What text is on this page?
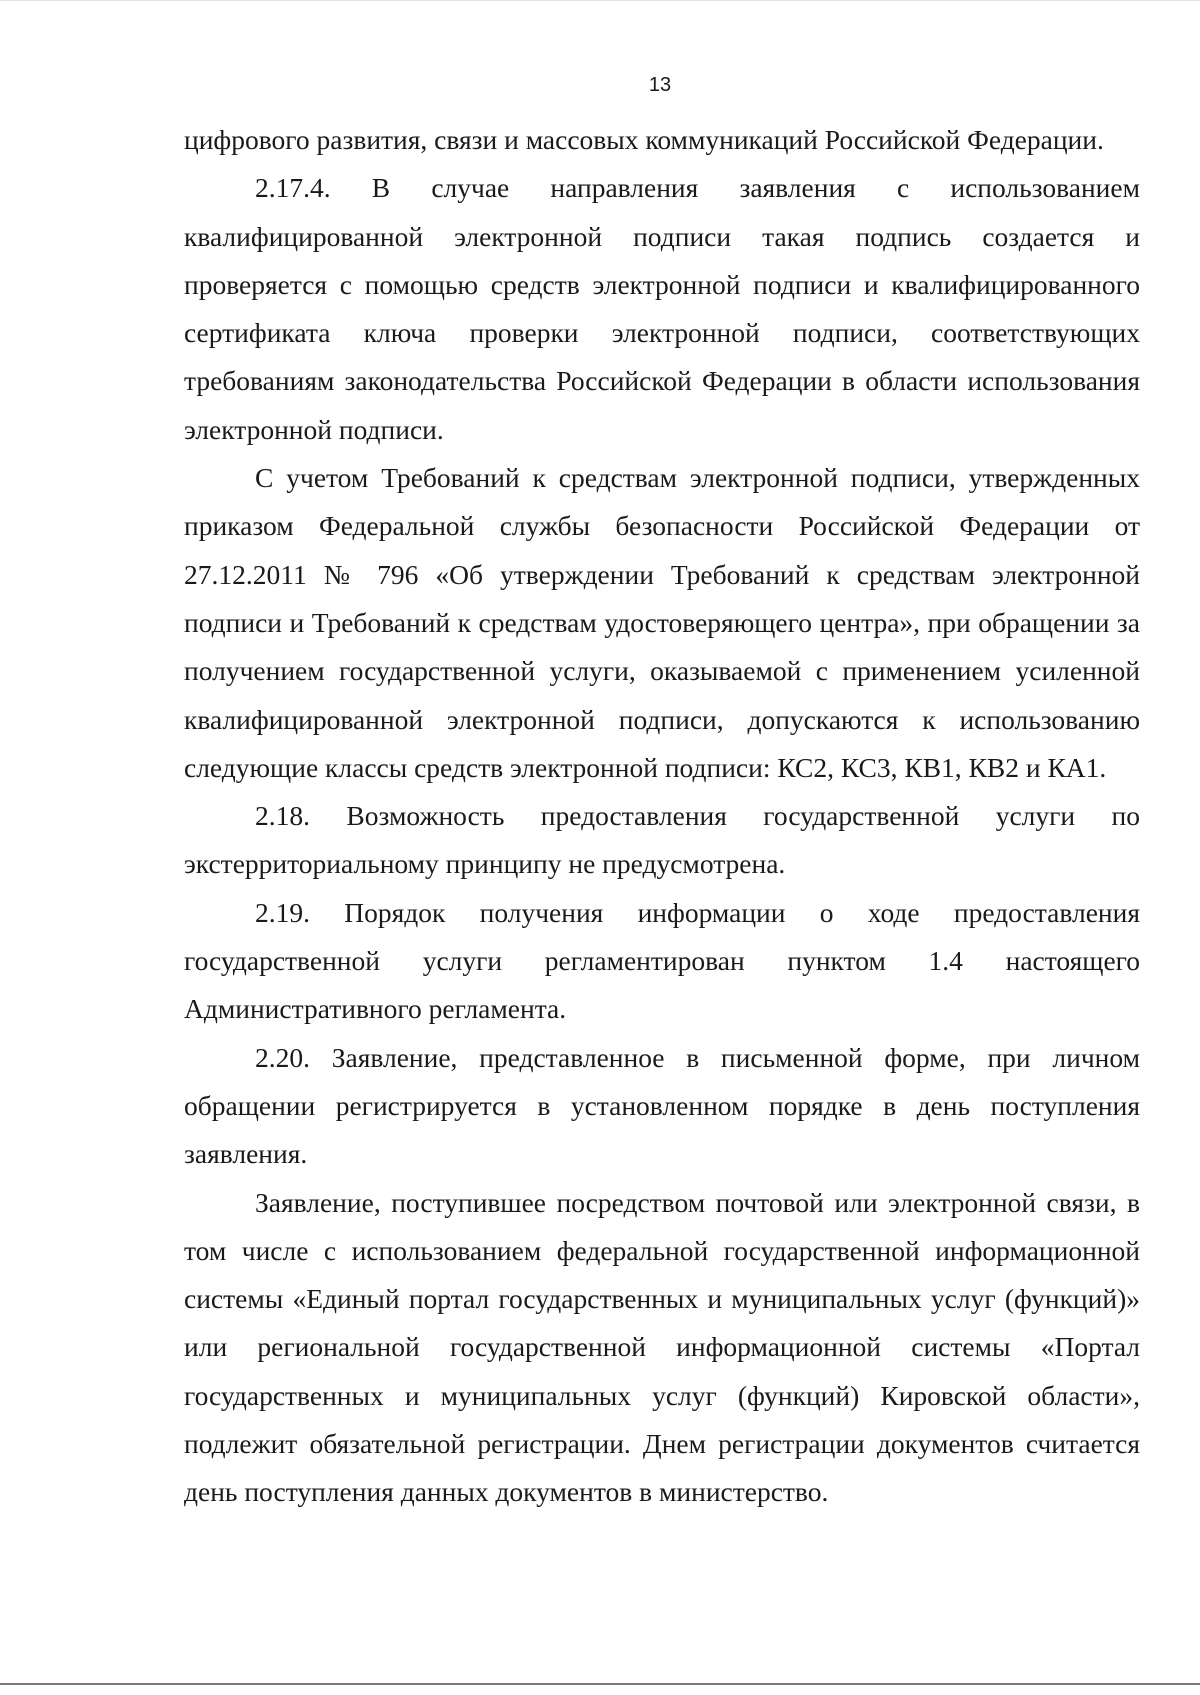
13

цифрового развития, связи и массовых коммуникаций Российской Федерации.

2.17.4. В случае направления заявления с использованием квалифицированной электронной подписи такая подпись создается и проверяется с помощью средств электронной подписи и квалифицированного сертификата ключа проверки электронной подписи, соответствующих требованиям законодательства Российской Федерации в области использования электронной подписи.

С учетом Требований к средствам электронной подписи, утвержденных приказом Федеральной службы безопасности Российской Федерации от 27.12.2011 № 796 «Об утверждении Требований к средствам электронной подписи и Требований к средствам удостоверяющего центра», при обращении за получением государственной услуги, оказываемой с применением усиленной квалифицированной электронной подписи, допускаются к использованию следующие классы средств электронной подписи: КС2, КС3, КВ1, КВ2 и КА1.

2.18. Возможность предоставления государственной услуги по экстерриториальному принципу не предусмотрена.

2.19. Порядок получения информации о ходе предоставления государственной услуги регламентирован пунктом 1.4 настоящего Административного регламента.

2.20. Заявление, представленное в письменной форме, при личном обращении регистрируется в установленном порядке в день поступления заявления.

Заявление, поступившее посредством почтовой или электронной связи, в том числе с использованием федеральной государственной информационной системы «Единый портал государственных и муниципальных услуг (функций)» или региональной государственной информационной системы «Портал государственных и муниципальных услуг (функций) Кировской области», подлежит обязательной регистрации. Днем регистрации документов считается день поступления данных документов в министерство.
